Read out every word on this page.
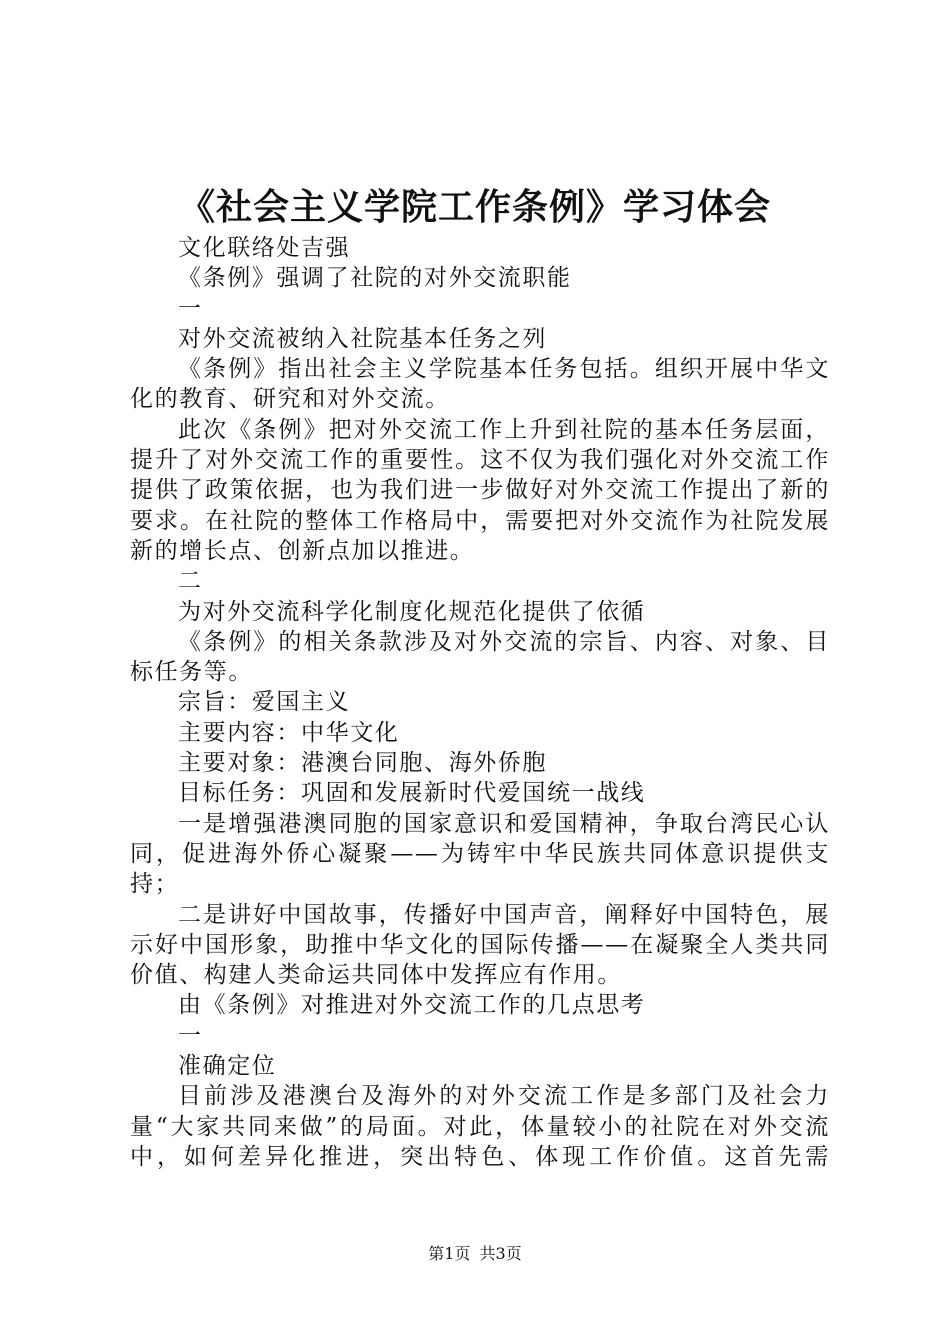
《社会主义学院工作条例》学习体会

文化联络处吉强

《条例》强调了社院的对外交流职能

一

对外交流被纳入社院基本任务之列

《条例》指出社会主义学院基本任务包括。组织开展中华文化的教育、研究和对外交流。

此次《条例》把对外交流工作上升到社院的基本任务层面，提升了对外交流工作的重要性。这不仅为我们强化对外交流工作提供了政策依据，也为我们进一步做好对外交流工作提出了新的要求。在社院的整体工作格局中，需要把对外交流作为社院发展新的增长点、创新点加以推进。

二

为对外交流科学化制度化规范化提供了依循

《条例》的相关条款涉及对外交流的宗旨、内容、对象、目标任务等。

宗旨：爱国主义

主要内容：中华文化

主要对象：港澳台同胞、海外侨胞

目标任务：巩固和发展新时代爱国统一战线

一是增强港澳同胞的国家意识和爱国精神，争取台湾民心认同，促进海外侨心凝聚——为铸牢中华民族共同体意识提供支持；

二是讲好中国故事，传播好中国声音，阐释好中国特色，展示好中国形象，助推中华文化的国际传播——在凝聚全人类共同价值、构建人类命运共同体中发挥应有作用。

由《条例》对推进对外交流工作的几点思考

一

准确定位

目前涉及港澳台及海外的对外交流工作是多部门及社会力量“大家共同来做”的局面。对此，体量较小的社院在对外交流中，如何差异化推进，突出特色、体现工作价值。这首先需

第1页 共3页
